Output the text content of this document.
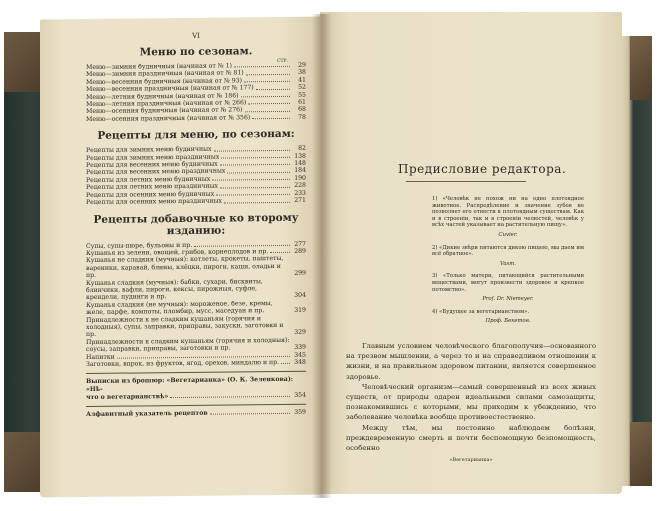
VI
Меню по сезонам.
СТР.
Меню—зимния будничныя (начиная от № 1)	29
Меню—зимния праздничныя (начиная от № 81)	38
Меню—весенния будничныя (начиная от № 93)	41
Меню—весенния праздничныя (начиная от № 177)	52
Меню—летния будничныя (начиная от № 186)	55
Меню—летния праздничныя (начиная от № 266)	61
Меню—осенния будничныя (начиная от № 276)	68
Меню—осенния праздничныя (начиная от № 356)	78
Рецепты для меню, по сезонам:
Рецепты для зимних меню будничных	82
Рецепты для зимних меню праздничных	138
Рецепты для весенних меню будничных	148
Рецепты для весенних меню праздничных	184
Рецепты для летних меню будничных	190
Рецепты для летних меню праздничных	228
Рецепты для осенних меню будничных	233
Рецепты для осенних меню праздничных	271
Рецепты добавочные ко второму изданию:
Супы, супы-пюре, бульоны и пр.	277
Кушанья из зелени, овощей, грибов, корнеплодов и пр.	289
Кушанья не сладкия (мучныя): котлеты, крокеты, паштеты, вареники, каравай, блины, клёцки, пироги, каши, оладьи и пр.	299
Кушанья сладкия (мучныя): бабки, сухари, бисквиты, блинчики, вафли, пироги, кексы, пирожныя, суфле, крендели, пудинги и пр.	304
Кушанья сладкия (не мучныя): мороженое, безе, кремы, желе, парфе, компоты, пломбир, мусс, маседуан и пр.	319
Принадлежности к не сладким кушаньям (горячия и холодныя), супы, заправки, приправы, закуски, заготовки и пр.	329
Принадлежности к сладким кушаньям (горячия и холодныя): соусы, заправки, приправы, заготовки и пр.	339
Напитки	345
Заготовки, впрок, из фруктов, ягод, орехов, миндалю и пр.	348
Выписки из брошюр: «Вегетарианка» (О. К. Зеленкова): «Нѣ-
что о вегетарианствѣ»	354
Алфавитный указатель рецептов	359
Предисловие редактора.

1) «Человѣк не похож ни на одно плотоядное животное. Распредѣление и значение зубов не позволяет его отнести к плотоядным существам. Как и в строеніи, так и в строеніи челюстей, человѣк у всѣх частей указывает на растительную пищу».

Cuvier.

2) «Дикие звѣри питаются дикою пищею, мы даем им всё обратное».

Vasm.

3) «Только матери, питающийся растительными веществами, могут произвести здоровое и крепкое потомство».

Prof. Dr. Niemeyer.

4) «Будущее за вегетарианством».

Проф. Бекетов.

Главным условием человѣческого благополучия—основанного на трезвом мышлении, а через то и на справедливом отношении к жизни, и на правильном здоровом питании, является совершенное здоровье.

Человѣческий организм—самый совершенный из всех живых существ, от природы одарен идеальными силами самозащиты, познакомившись с которыми, мы приходим к убеждению, что заболевание человѣка вообще противоестественно.

Между тѣм, мы постоянно наблюдаем болѣзни, преждевременную смерть и почти беспомощную безпомощность, особенно

«Вегетарианка»
